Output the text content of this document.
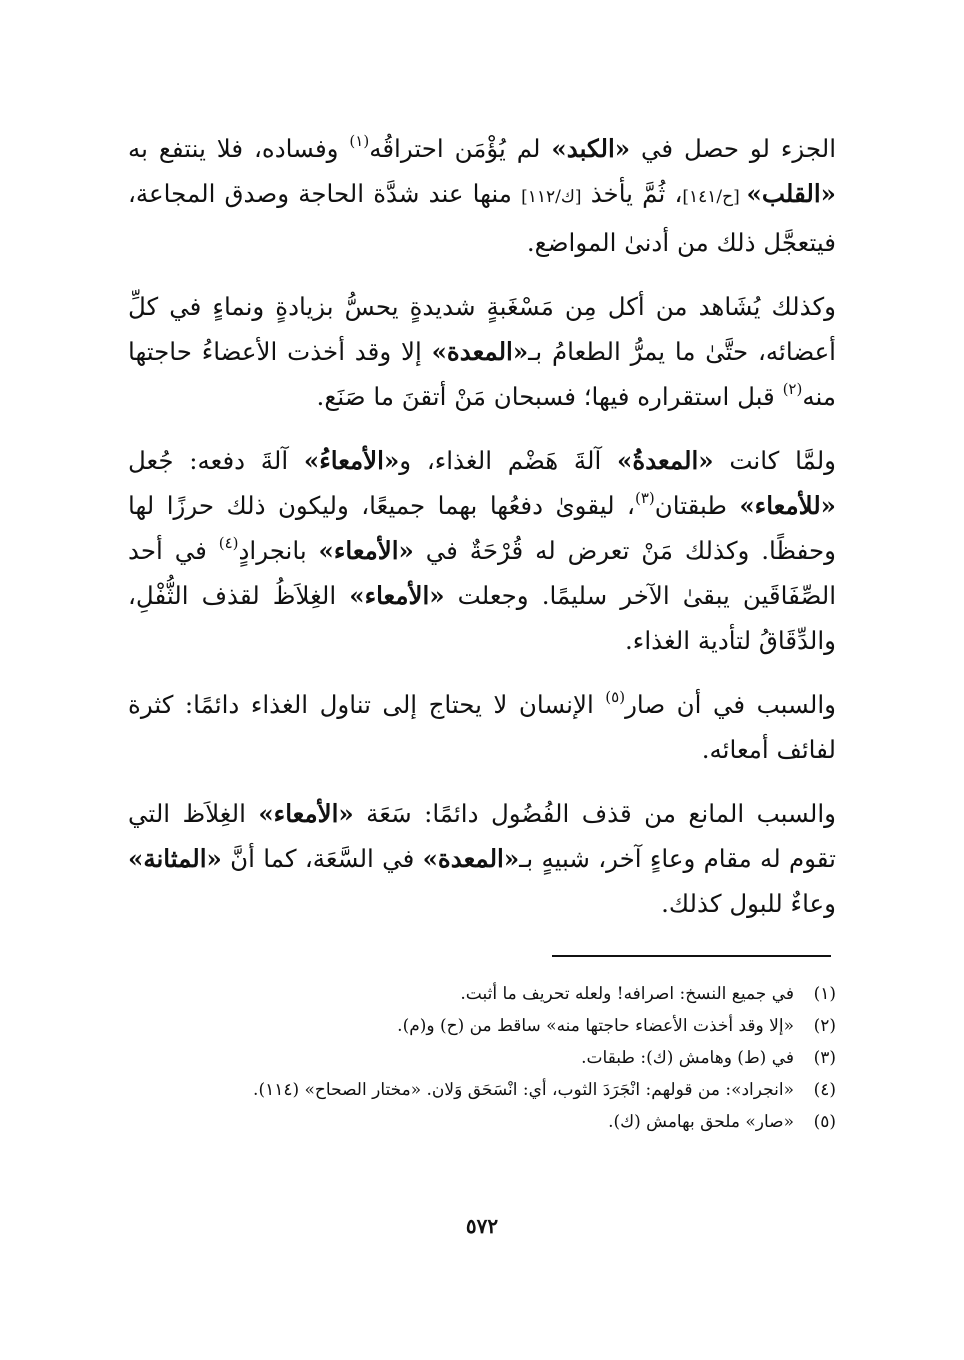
الجزء لو حصل في «الكبد» لم يُؤْمَن احتراقُه$^{(١)}$ وفساده، فلا ينتفع به «القلب» [ح/١٤١]، ثُمَّ يأخذ [ك/١١٢] منها عند شدَّة الحاجة وصدق المجاعة، فيتعجَّل ذلك من أدنىٰ المواضع.
وكذلك يُشَاهد من أكل مِن مَسْغَبةٍ شديدةٍ يحسُّ بزيادةٍ ونماءٍ في كلِّ أعضائه، حتَّىٰ ما يمرُّ الطعامُ بـ«المعدة» إلا وقد أخذت الأعضاءُ حاجتها منه$^{(٢)}$ قبل استقراره فيها؛ فسبحان مَنْ أتقنَ ما صَنَع.
ولمَّا كانت «المعدةُ» آلةَ هَضْم الغذاء، و«الأمعاءُ» آلةَ دفعه: جُعل «للأمعاء» طبقتان$^{(٣)}$، ليقوىٰ دفعُها بهما جميعًا، وليكون ذلك حرزًا لها وحفظًا. وكذلك مَنْ تعرض له قُرْحَةٌ في «الأمعاء» بانجرادٍ$^{(٤)}$ في أحد الصِّفَاقَين يبقىٰ الآخر سليمًا. وجعلت «الأمعاء» الغِلاَظُ لقذف الثُّفْلِ، والدِّقَاقُ لتأدية الغذاء.
والسبب في أن صار$^{(٥)}$ الإنسان لا يحتاج إلى تناول الغذاء دائمًا: كثرة لفائف أمعائه.
والسبب المانع من قذف الفُضُول دائمًا: سَعَة «الأمعاء» الغِلاَظ التي تقوم له مقام وعاءٍ آخر، شبيهٍ بـ«المعدة» في السَّعَة، كما أنَّ «المثانة» وعاءٌ للبول كذلك.
(١)
في جميع النسخ: اصرافه! ولعله تحريف ما أثبت.
(٢)
«إلا وقد أخذت الأعضاء حاجتها منه» ساقط من (ح) و(م).
(٣)
في (ط) وهامش (ك): طبقات.
(٤)
«انجراد»: من قولهم: انْجَرَدَ الثوب، أي: انْسَحَق وَلان. «مختار الصحاح» (١١٤).
(٥)
«صار» ملحق بهامش (ك).
٥٧٢
